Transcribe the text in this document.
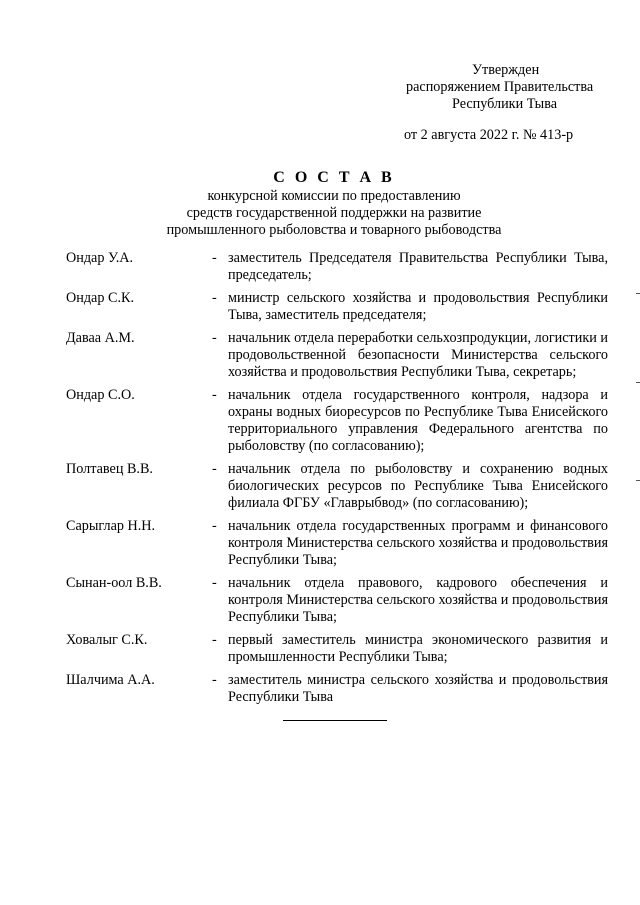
Утвержден
распоряжением Правительства
Республики Тыва
от 2 августа 2022 г. № 413-р
С О С Т А В
конкурсной комиссии по предоставлению
средств государственной поддержки на развитие
промышленного рыболовства и товарного рыбоводства
Ондар У.А.	- заместитель Председателя Правительства Республики Тыва, председатель;
Ондар С.К.	- министр сельского хозяйства и продовольствия Республики Тыва, заместитель председателя;
Даваа А.М.	- начальник отдела переработки сельхозпродукции, логистики и продовольственной безопасности Министерства сельского хозяйства и продовольствия Республики Тыва, секретарь;
Ондар С.О.	- начальник отдела государственного контроля, надзора и охраны водных биоресурсов по Республике Тыва Енисейского территориального управления Федерального агентства по рыболовству (по согласованию);
Полтавец В.В.	- начальник отдела по рыболовству и сохранению водных биологических ресурсов по Республике Тыва Енисейского филиала ФГБУ «Главрыбвод» (по согласованию);
Сарыглар Н.Н.	- начальник отдела государственных программ и финансового контроля Министерства сельского хозяйства и продовольствия Республики Тыва;
Сынан-оол В.В.	- начальник отдела правового, кадрового обеспечения и контроля Министерства сельского хозяйства и продовольствия Республики Тыва;
Ховалыг С.К.	- первый заместитель министра экономического развития и промышленности Республики Тыва;
Шалчима А.А.	- заместитель министра сельского хозяйства и продовольствия Республики Тыва
